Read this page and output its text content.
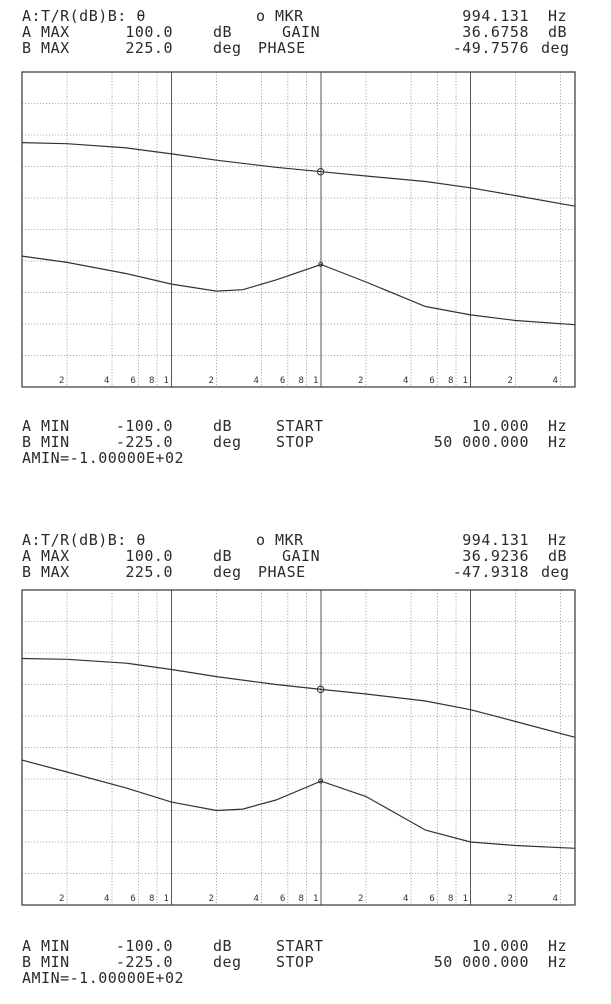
A:T/R(dB)B: θ	o MKR	994.131 Hz
A MAX	100.0	dB	GAIN	36.6758 dB
B MAX	225.0	deg PHASE	-49.7576 deg
2	4 6 8 1	2	4 6 8 1	2	4 6 8 1	2	4
A MIN	-100.0	dB	START	10.000 Hz
B MIN	-225.0	deg STOP	50 000.000 Hz
AMIN=-1.00000E+02
A:T/R(dB)B: θ	o MKR	994.131 Hz
A MAX	100.0	dB	GAIN	36.9236 dB
B MAX	225.0	deg PHASE	-47.9318 deg
2	4 6 8 1	2	4 6 8 1	2	4 6 8 1	2	4
A MIN	-100.0	dB	START	10.000 Hz
B MIN	-225.0	deg STOP	50 000.000 Hz
AMIN=-1.00000E+02
